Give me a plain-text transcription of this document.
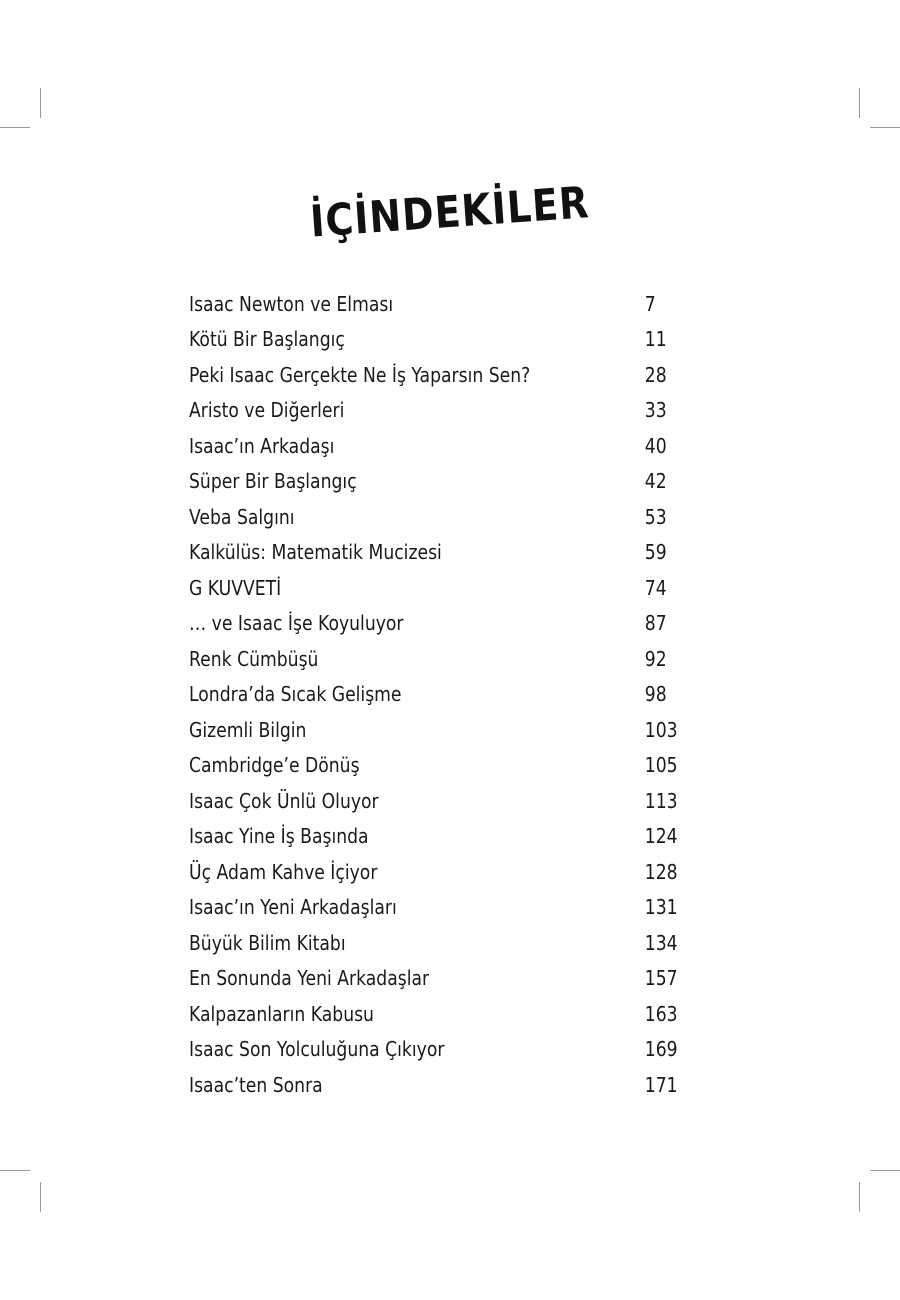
İÇİNDEKİLER
Isaac Newton ve Elması	7
Kötü Bir Başlangıç	11
Peki Isaac Gerçekte Ne İş Yaparsın Sen?	28
Aristo ve Diğerleri	33
Isaac’ın Arkadaşı	40
Süper Bir Başlangıç	42
Veba Salgını	53
Kalkülüs: Matematik Mucizesi	59
G KUVVETİ	74
… ve Isaac İşe Koyuluyor	87
Renk Cümbüşü	92
Londra’da Sıcak Gelişme	98
Gizemli Bilgin	103
Cambridge’e Dönüş	105
Isaac Çok Ünlü Oluyor	113
Isaac Yine İş Başında	124
Üç Adam Kahve İçiyor	128
Isaac’ın Yeni Arkadaşları	131
Büyük Bilim Kitabı	134
En Sonunda Yeni Arkadaşlar	157
Kalpazanların Kabusu	163
Isaac Son Yolculuğuna Çıkıyor	169
Isaac’ten Sonra	171
